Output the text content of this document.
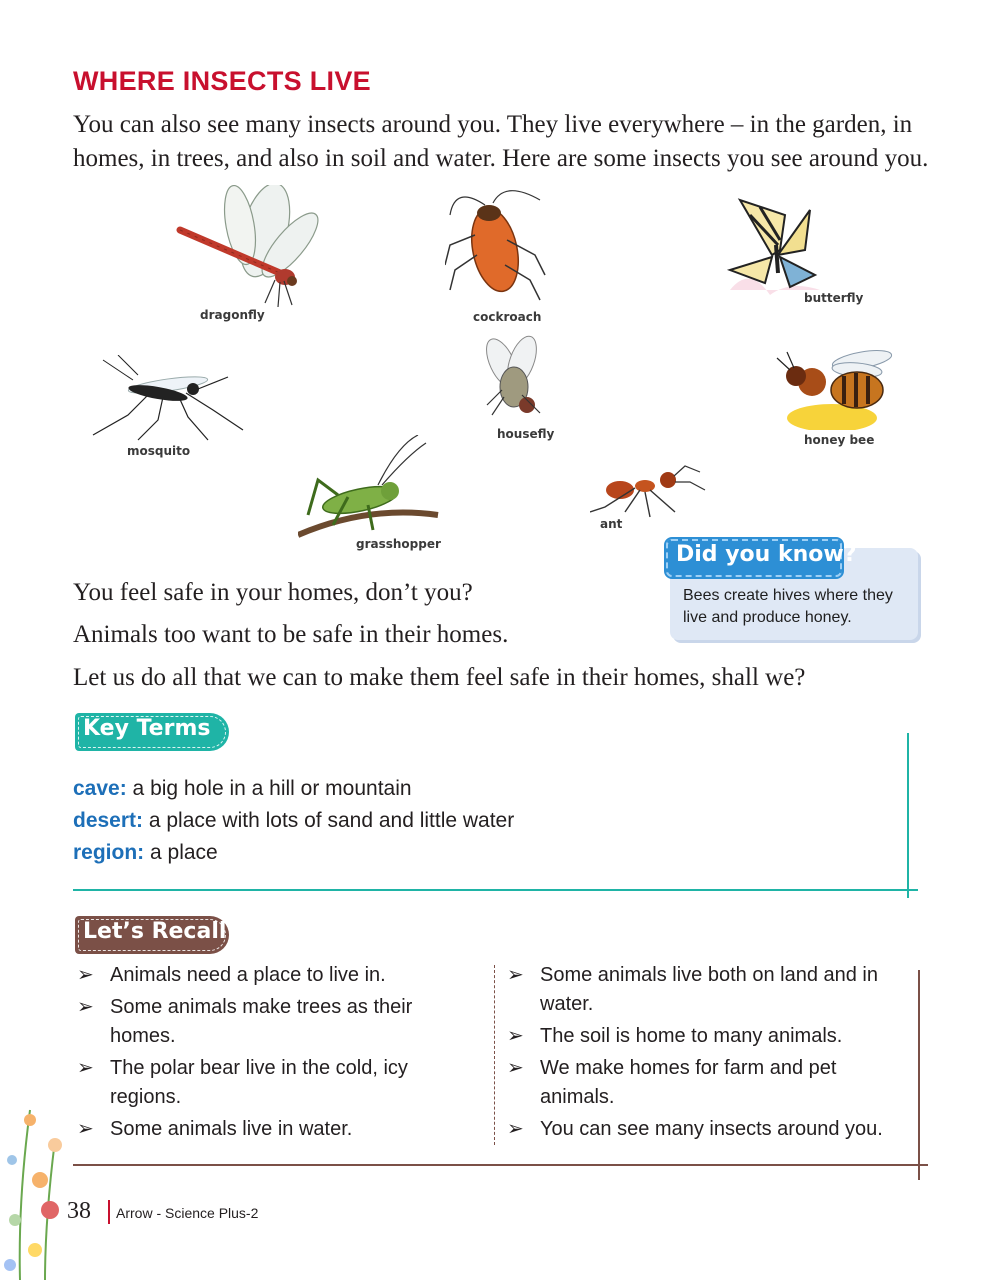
WHERE INSECTS LIVE

You can also see many insects around you. They live everywhere – in the garden, in homes, in trees, and also in soil and water. Here are some insects you see around you.

dragonfly	cockroach
butterfly
mosquito
housefly	honey bee
grasshopper
ant
Did you know?

Bees create hives where they live and produce honey.

You feel safe in your homes, don’t you?

Animals too want to be safe in their homes.

Let us do all that we can to make them feel safe in their homes, shall we?

Key Terms
cave: a big hole in a hill or mountain
desert: a place with lots of sand and little water
region: a place
Let’s Recall
➢ Animals need a place to live in.
➢ Some animals make trees as their homes.
➢ The polar bear live in the cold, icy regions.
➢ Some animals live in water.
➢ Some animals live both on land and in water.
➢ The soil is home to many animals.
➢ We make homes for farm and pet animals.
➢ You can see many insects around you.
38 Arrow - Science Plus-2
